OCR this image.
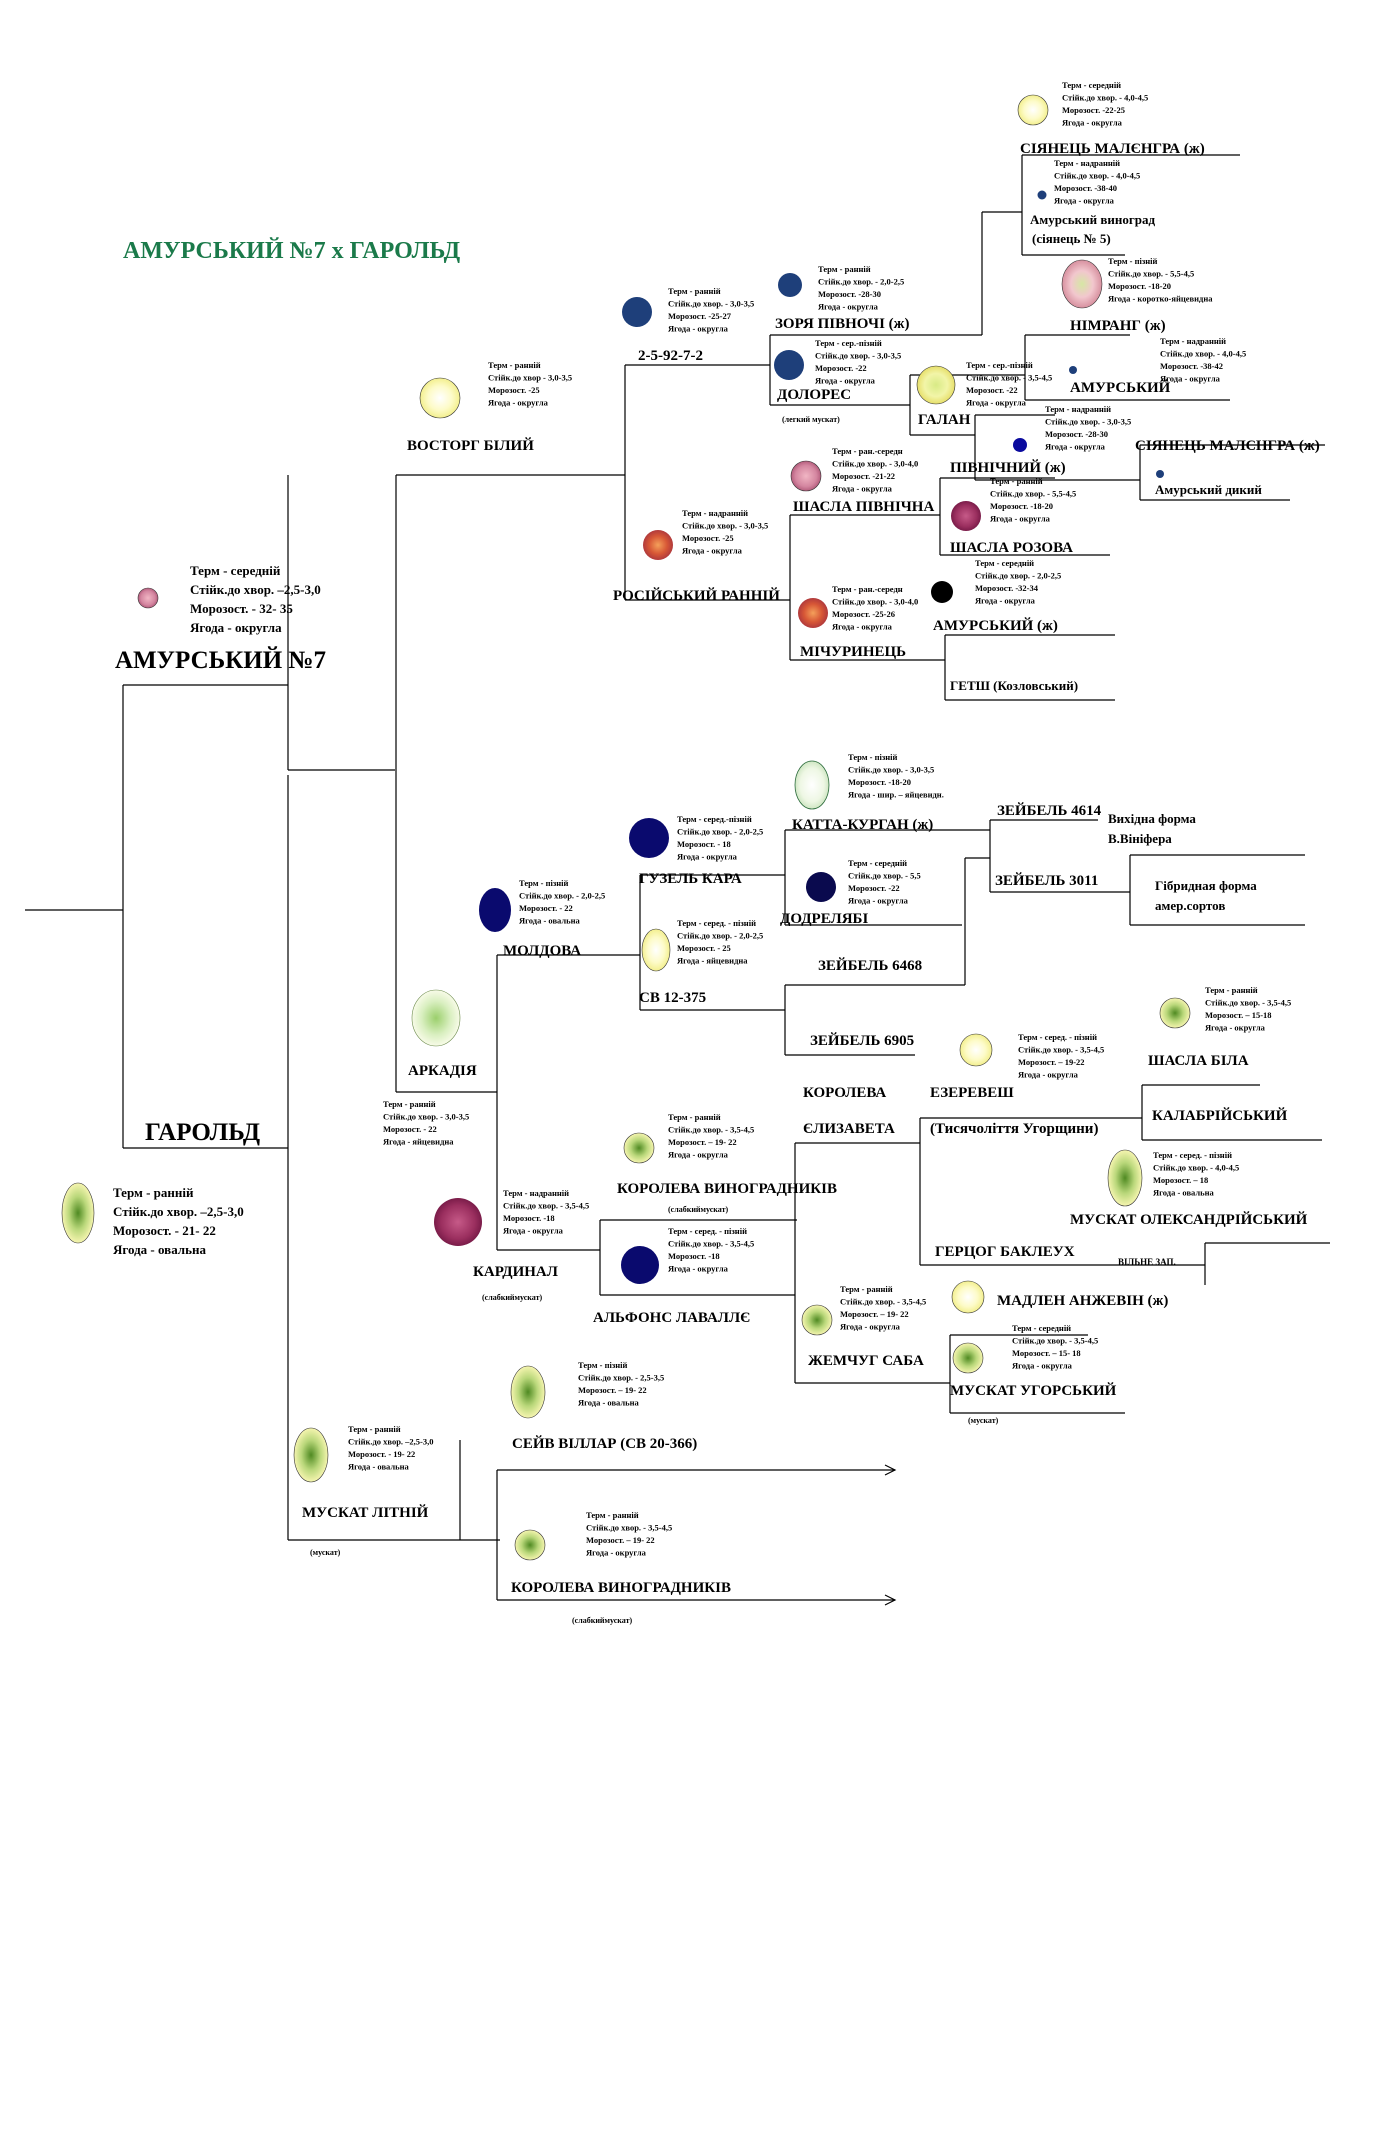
АМУРСЬКИЙ №7 х ГАРОЛЬД
АМУРСЬКИЙ №7
Терм - середній
Стійк.до хвор. –2,5-3,0
Морозост. - 32- 35
Ягода - округла
ГАРОЛЬД
Терм - ранній
Стійк.до хвор. –2,5-3,0
Морозост. - 21- 22
Ягода - овальна
ВОСТОРГ БІЛИЙ
Терм - ранній
Стійк.до хвор - 3,0-3,5
Морозост. -25
Ягода - округла
2-5-92-7-2
Терм - ранній
Стійк.до хвор. - 3,0-3,5
Морозост. -25-27
Ягода - округла	ЗОРЯ ПІВНОЧІ (ж)
Терм - ранній
Стійк.до хвор. - 2,0-2,5
Морозост. -28-30
Ягода - округла
ДОЛОРЕС
(легкий мускат)
Терм - сер.-пізній
Стійк.до хвор. - 3,0-3,5
Морозост. -22
Ягода - округла
СІЯНЕЦЬ МАЛЄНГРА (ж)
Терм - середній
Стійк.до хвор. - 4,0-4,5
Морозост. -22-25
Ягода - округла
Амурський виноград
(сіянець № 5)
Терм - надранній
Стійк.до хвор. - 4,0-4,5
Морозост. -38-40
Ягода - округла
НІМРАНГ (ж)
Терм - пізній
Стійк.до хвор. - 5,5-4,5
Морозост. -18-20
Ягода - коротко-яйцевидна
АМУРСЬКИЙ
Терм - надранній
Стійк.до хвор. - 4,0-4,5
Морозост. -38-42
Ягода - округла
ГАЛАН
Терм - сер.-пізній
Стійк.до хвор. - 3,5-4,5
Морозост. -22
Ягода - округла
СІЯНЕЦЬ МАЛЄНГРА (ж)
ПІВНІЧНИЙ (ж)
Терм - надранній
Стійк.до хвор. - 3,0-3,5
Морозост. -28-30
Ягода - округла
Амурський дикий
ШАСЛА ПІВНІЧНА
Терм - ран.-середн
Стійк.до хвор. - 3,0-4,0
Морозост. -21-22
Ягода - округла
ШАСЛА РОЗОВА
Терм - ранній
Стійк.до хвор. - 5,5-4,5
Морозост. -18-20
Ягода - округла
РОСІЙСЬКИЙ РАННІЙ
Терм - надранній
Стійк.до хвор. - 3,0-3,5
Морозост. -25
Ягода - округла
МІЧУРИНЕЦЬ
Терм - ран.-середн
Стійк.до хвор. - 3,0-4,0
Морозост. -25-26
Ягода - округла	АМУРСЬКИЙ (ж)
Терм - середній
Стійк.до хвор. - 2,0-2,5
Морозост. -32-34
Ягода - округла
ГЕТШ (Козловський)
МОЛДОВА
Терм - пізній
Стійк.до хвор. - 2,0-2,5
Морозост. - 22
Ягода - овальна
ГУЗЕЛЬ КАРА
Терм - серед.-пізній
Стійк.до хвор. - 2,0-2,5
Морозост. - 18
Ягода - округла
КАТТА-КУРГАН (ж)
Терм - пізній
Стійк.до хвор. - 3,0-3,5
Морозост. -18-20
Ягода - шир. – яйцевидн.
ДОДРЕЛЯБІ
Терм - середній
Стійк.до хвор. - 5,5
Морозост. -22
Ягода - округла
СВ 12-375
Терм - серед. - пізній
Стійк.до хвор. - 2,0-2,5
Морозост. - 25
Ягода - яйцевидна
ЗЕЙБЕЛЬ 4614
ЗЕЙБЕЛЬ 3011
Вихідна форма
В.Вініфера
Гібридная форма
амер.сортов
ЗЕЙБЕЛЬ 6468
ЗЕЙБЕЛЬ 6905
АРКАДІЯ
Терм - ранній
Стійк.до хвор. - 3,0-3,5
Морозост. - 22
Ягода - яйцевидна
КОРОЛЕВА
ЄЛИЗАВЕТА
ЕЗЕРЕВЕШ
(Тисячоліття Угорщини)
Терм - серед. - пізній
Стійк.до хвор. - 3,5-4,5
Морозост. – 19-22
Ягода - округла
ШАСЛА БІЛА
Терм - ранній
Стійк.до хвор. - 3,5-4,5
Морозост. – 15-18
Ягода - округла
КАЛАБРІЙСЬКИЙ
МУСКАТ ОЛЕКСАНДРІЙСЬКИЙ
Терм - серед. - пізній
Стійк.до хвор. - 4,0-4,5
Морозост. – 18
Ягода - овальна
ГЕРЦОГ БАКЛЕУХ
ВІЛЬНЕ ЗАП.
КОРОЛЕВА ВИНОГРАДНИКІВ
(слабкиймускат)
Терм - ранній
Стійк.до хвор. - 3,5-4,5
Морозост. – 19- 22
Ягода - округла
КАРДИНАЛ
(слабкиймускат)
Терм - надранній
Стійк.до хвор. - 3,5-4,5
Морозост. -18
Ягода - округла
АЛЬФОНС ЛАВАЛЛЄ
Терм - серед. - пізній
Стійк.до хвор. - 3,5-4,5
Морозост. -18
Ягода - округла
МАДЛЕН АНЖЕВІН (ж)
ЖЕМЧУГ САБА
Терм - ранній
Стійк.до хвор. - 3,5-4,5
Морозост. – 19- 22
Ягода - округла
МУСКАТ УГОРСЬКИЙ
(мускат)
Терм - середній
Стійк.до хвор. - 3,5-4,5
Морозост. – 15- 18
Ягода - округла
СЕЙВ ВІЛЛАР (СВ 20-366)
Терм - пізній
Стійк.до хвор. - 2,5-3,5
Морозост. – 19- 22
Ягода - овальна
МУСКАТ ЛІТНІЙ
(мускат)
Терм - ранній
Стійк.до хвор. –2,5-3,0
Морозост. - 19- 22
Ягода - овальна
КОРОЛЕВА ВИНОГРАДНИКІВ
(слабкиймускат)
Терм - ранній
Стійк.до хвор. - 3,5-4,5
Морозост. – 19- 22
Ягода - округла
